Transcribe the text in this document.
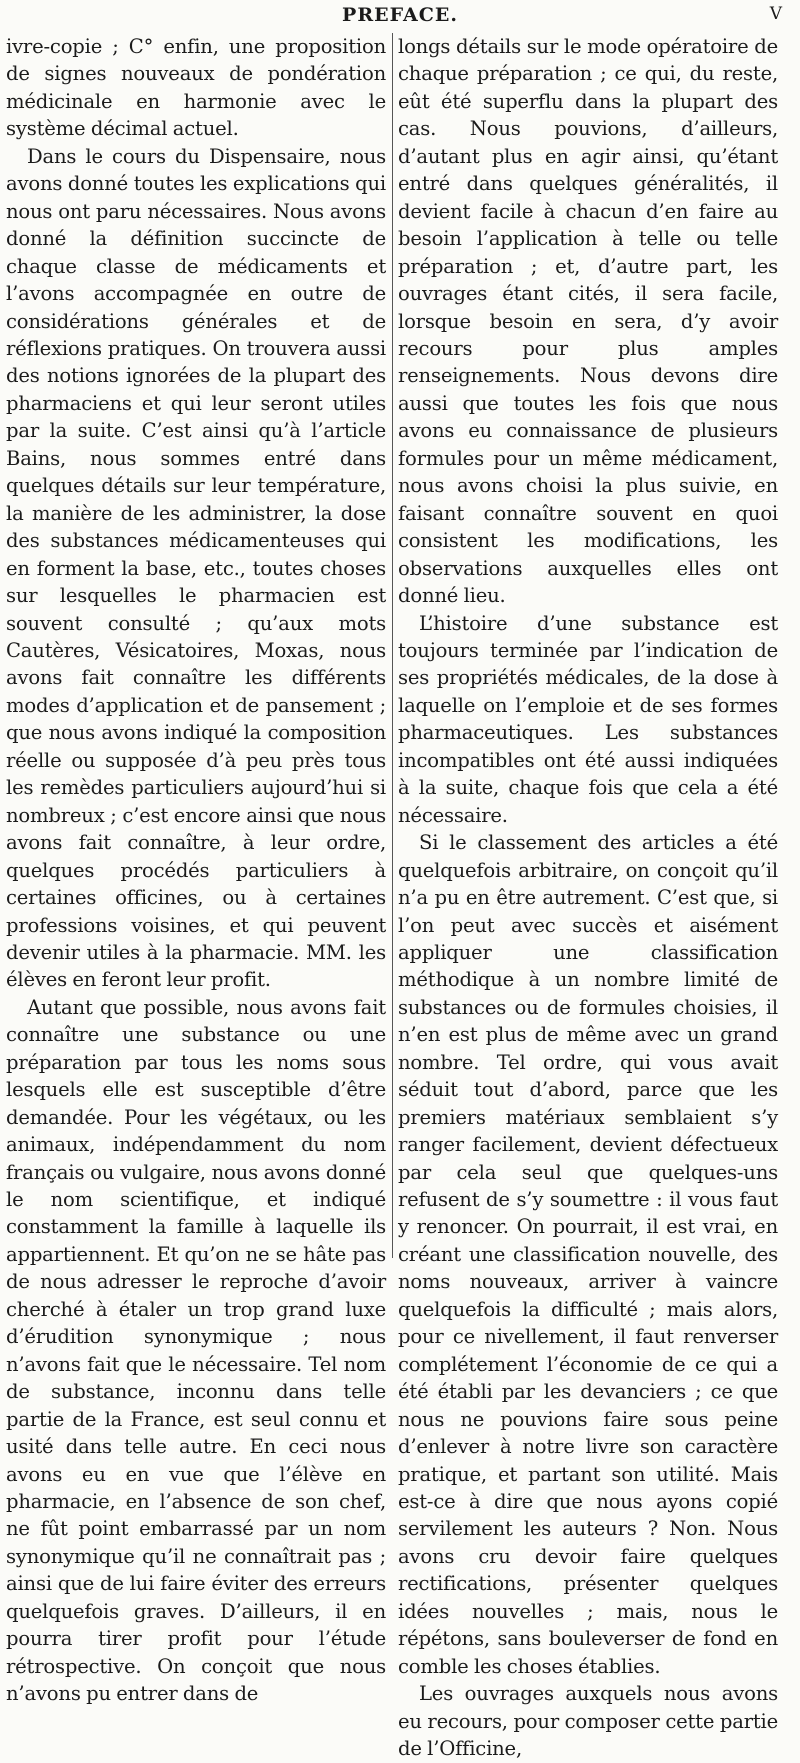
PREFACE.	V

ivre-copie ; C° enfin, une proposition de signes nouveaux de pondération médicinale en harmonie avec le système décimal actuel.

Dans le cours du Dispensaire, nous avons donné toutes les explications qui nous ont paru nécessaires. Nous avons donné la définition succincte de chaque classe de médicaments et l’avons accompagnée en outre de considérations générales et de réflexions pratiques. On trouvera aussi des notions ignorées de la plupart des pharmaciens et qui leur seront utiles par la suite. C’est ainsi qu’à l’article Bains, nous sommes entré dans quelques détails sur leur température, la manière de les administrer, la dose des substances médicamenteuses qui en forment la base, etc., toutes choses sur lesquelles le pharmacien est souvent consulté ; qu’aux mots Cautères, Vésicatoires, Moxas, nous avons fait connaître les différents modes d’application et de pansement ; que nous avons indiqué la composition réelle ou supposée d’à peu près tous les remèdes particuliers aujourd’hui si nombreux ; c’est encore ainsi que nous avons fait connaître, à leur ordre, quelques procédés particuliers à certaines officines, ou à certaines professions voisines, et qui peuvent devenir utiles à la pharmacie. MM. les élèves en feront leur profit.

Autant que possible, nous avons fait connaître une substance ou une préparation par tous les noms sous lesquels elle est susceptible d’être demandée. Pour les végétaux, ou les animaux, indépendamment du nom français ou vulgaire, nous avons donné le nom scientifique, et indiqué constamment la famille à laquelle ils appartiennent. Et qu’on ne se hâte pas de nous adresser le reproche d’avoir cherché à étaler un trop grand luxe d’érudition synonymique ; nous n’avons fait que le nécessaire. Tel nom de substance, inconnu dans telle partie de la France, est seul connu et usité dans telle autre. En ceci nous avons eu en vue que l’élève en pharmacie, en l’absence de son chef, ne fût point embarrassé par un nom synonymique qu’il ne connaîtrait pas ; ainsi que de lui faire éviter des erreurs quelquefois graves. D’ailleurs, il en pourra tirer profit pour l’étude rétrospective. On conçoit que nous n’avons pu entrer dans de

longs détails sur le mode opératoire de chaque préparation ; ce qui, du reste, eût été superflu dans la plupart des cas. Nous pouvions, d’ailleurs, d’autant plus en agir ainsi, qu’étant entré dans quelques généralités, il devient facile à chacun d’en faire au besoin l’application à telle ou telle préparation ; et, d’autre part, les ouvrages étant cités, il sera facile, lorsque besoin en sera, d’y avoir recours pour plus amples renseignements. Nous devons dire aussi que toutes les fois que nous avons eu connaissance de plusieurs formules pour un même médicament, nous avons choisi la plus suivie, en faisant connaître souvent en quoi consistent les modifications, les observations auxquelles elles ont donné lieu.

L’histoire d’une substance est toujours terminée par l’indication de ses propriétés médicales, de la dose à laquelle on l’emploie et de ses formes pharmaceutiques. Les substances incompatibles ont été aussi indiquées à la suite, chaque fois que cela a été nécessaire.

Si le classement des articles a été quelquefois arbitraire, on conçoit qu’il n’a pu en être autrement. C’est que, si l’on peut avec succès et aisément appliquer une classification méthodique à un nombre limité de substances ou de formules choisies, il n’en est plus de même avec un grand nombre. Tel ordre, qui vous avait séduit tout d’abord, parce que les premiers matériaux semblaient s’y ranger facilement, devient défectueux par cela seul que quelques-uns refusent de s’y soumettre : il vous faut y renoncer. On pourrait, il est vrai, en créant une classification nouvelle, des noms nouveaux, arriver à vaincre quelquefois la difficulté ; mais alors, pour ce nivellement, il faut renverser complétement l’économie de ce qui a été établi par les devanciers ; ce que nous ne pouvions faire sous peine d’enlever à notre livre son caractère pratique, et partant son utilité. Mais est-ce à dire que nous ayons copié servilement les auteurs ? Non. Nous avons cru devoir faire quelques rectifications, présenter quelques idées nouvelles ; mais, nous le répétons, sans bouleverser de fond en comble les choses établies.

Les ouvrages auxquels nous avons eu recours, pour composer cette partie de l’Officine,
